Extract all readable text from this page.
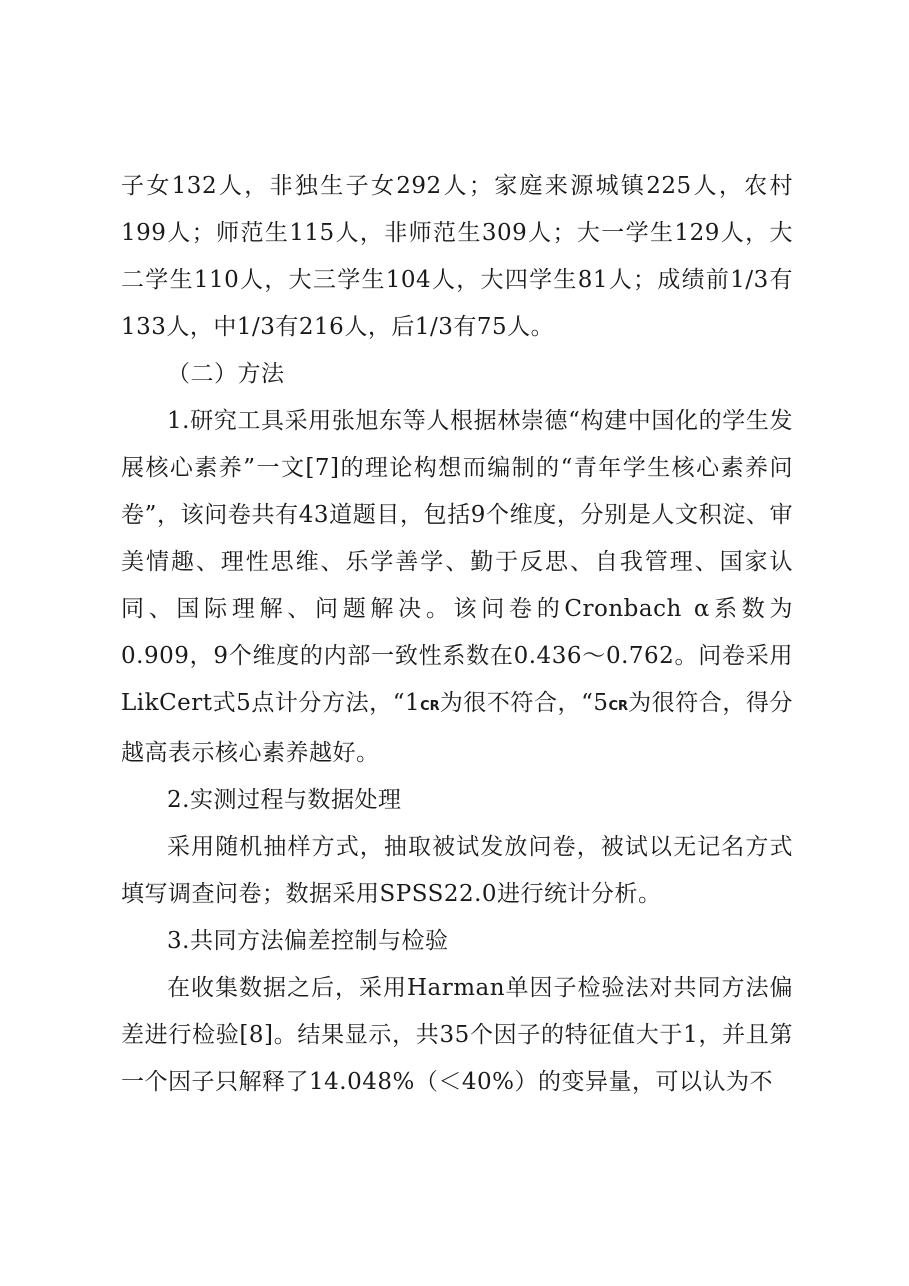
子女132人，非独生子女292人；家庭来源城镇225人，农村199人；师范生115人，非师范生309人；大一学生129人，大二学生110人，大三学生104人，大四学生81人；成绩前1/3有133人，中1/3有216人，后1/3有75人。

（二）方法

1.研究工具采用张旭东等人根据林崇德“构建中国化的学生发展核心素养”一文[7]的理论构想而编制的“青年学生核心素养问卷”，该问卷共有43道题目，包括9个维度，分别是人文积淀、审美情趣、理性思维、乐学善学、勤于反思、自我管理、国家认同、国际理解、问题解决。该问卷的Cronbach α系数为0.909，9个维度的内部一致性系数在0.436～0.762。问卷采用LikCert式5点计分方法，“1CR为很不符合，“5CR为很符合，得分越高表示核心素养越好。

2.实测过程与数据处理

采用随机抽样方式，抽取被试发放问卷，被试以无记名方式填写调查问卷；数据采用SPSS22.0进行统计分析。

3.共同方法偏差控制与检验

在收集数据之后，采用Harman单因子检验法对共同方法偏差进行检验[8]。结果显示，共35个因子的特征值大于1，并且第一个因子只解释了14.048%（＜40%）的变异量，可以认为不
